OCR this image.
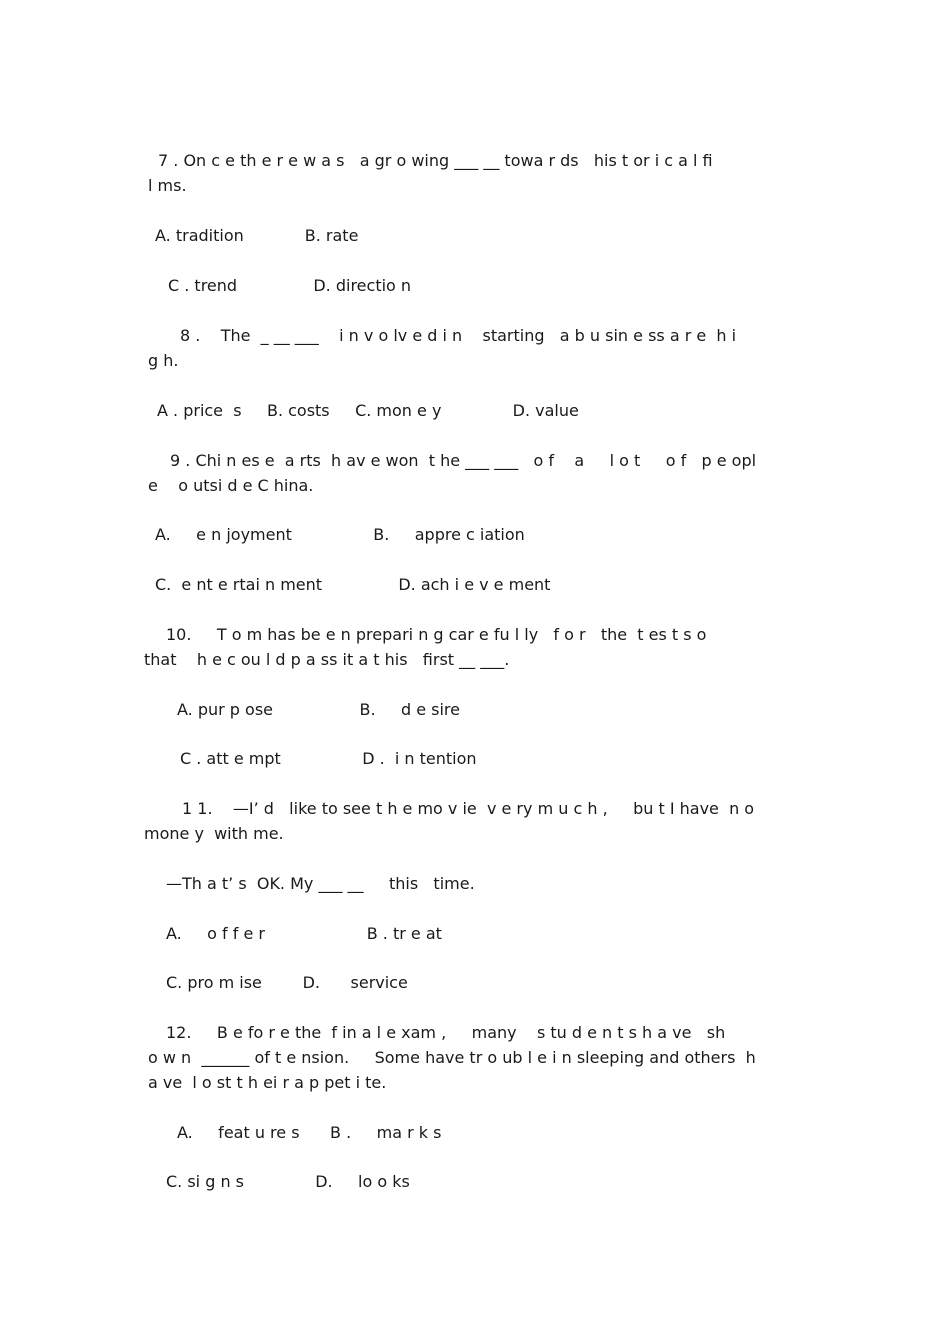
7 . On c e th e r e w a s   a gr o wing ___ __ towa r ds   his t or i c a l fi
l ms.
A. tradition            B. rate
C . trend               D. directio n
8 .    The  _ __ ___    i n v o lv e d i n    starting   a b u sin e ss a r e  h i
g h.
A . price  s     B. costs     C. mon e y              D. value
9 . Chi n es e  a rts  h av e won  t he ___ ___   o f    a     l o t     o f   p e opl
e    o utsi d e C hina.
A.     e n joyment                B.     appre c iation
C.  e nt e rtai n ment               D. ach i e v e ment
10.     T o m has be e n prepari n g car e fu l ly   f o r   the  t es t s o
that    h e c ou l d p a ss it a t his   first __ ___.
A. pur p ose                 B.     d e sire
C . att e mpt                D .  i n tention
1 1.    —I’ d   like to see t h e mo v ie  v e ry m u c h ,     bu t I have  n o
mone y  with me.
—Th a t’ s  OK. My ___ __     this   time.
A.     o f f e r                    B . tr e at
C. pro m ise        D.      service
12.     B e fo r e the  f in a l e xam ,     many    s tu d e n t s h a ve   sh
o w n  ______ of t e nsion.     Some have tr o ub l e i n sleeping and others  h
a ve  l o st t h ei r a p pet i te.
A.     feat u re s      B .     ma r k s
C. si g n s              D.     lo o ks
